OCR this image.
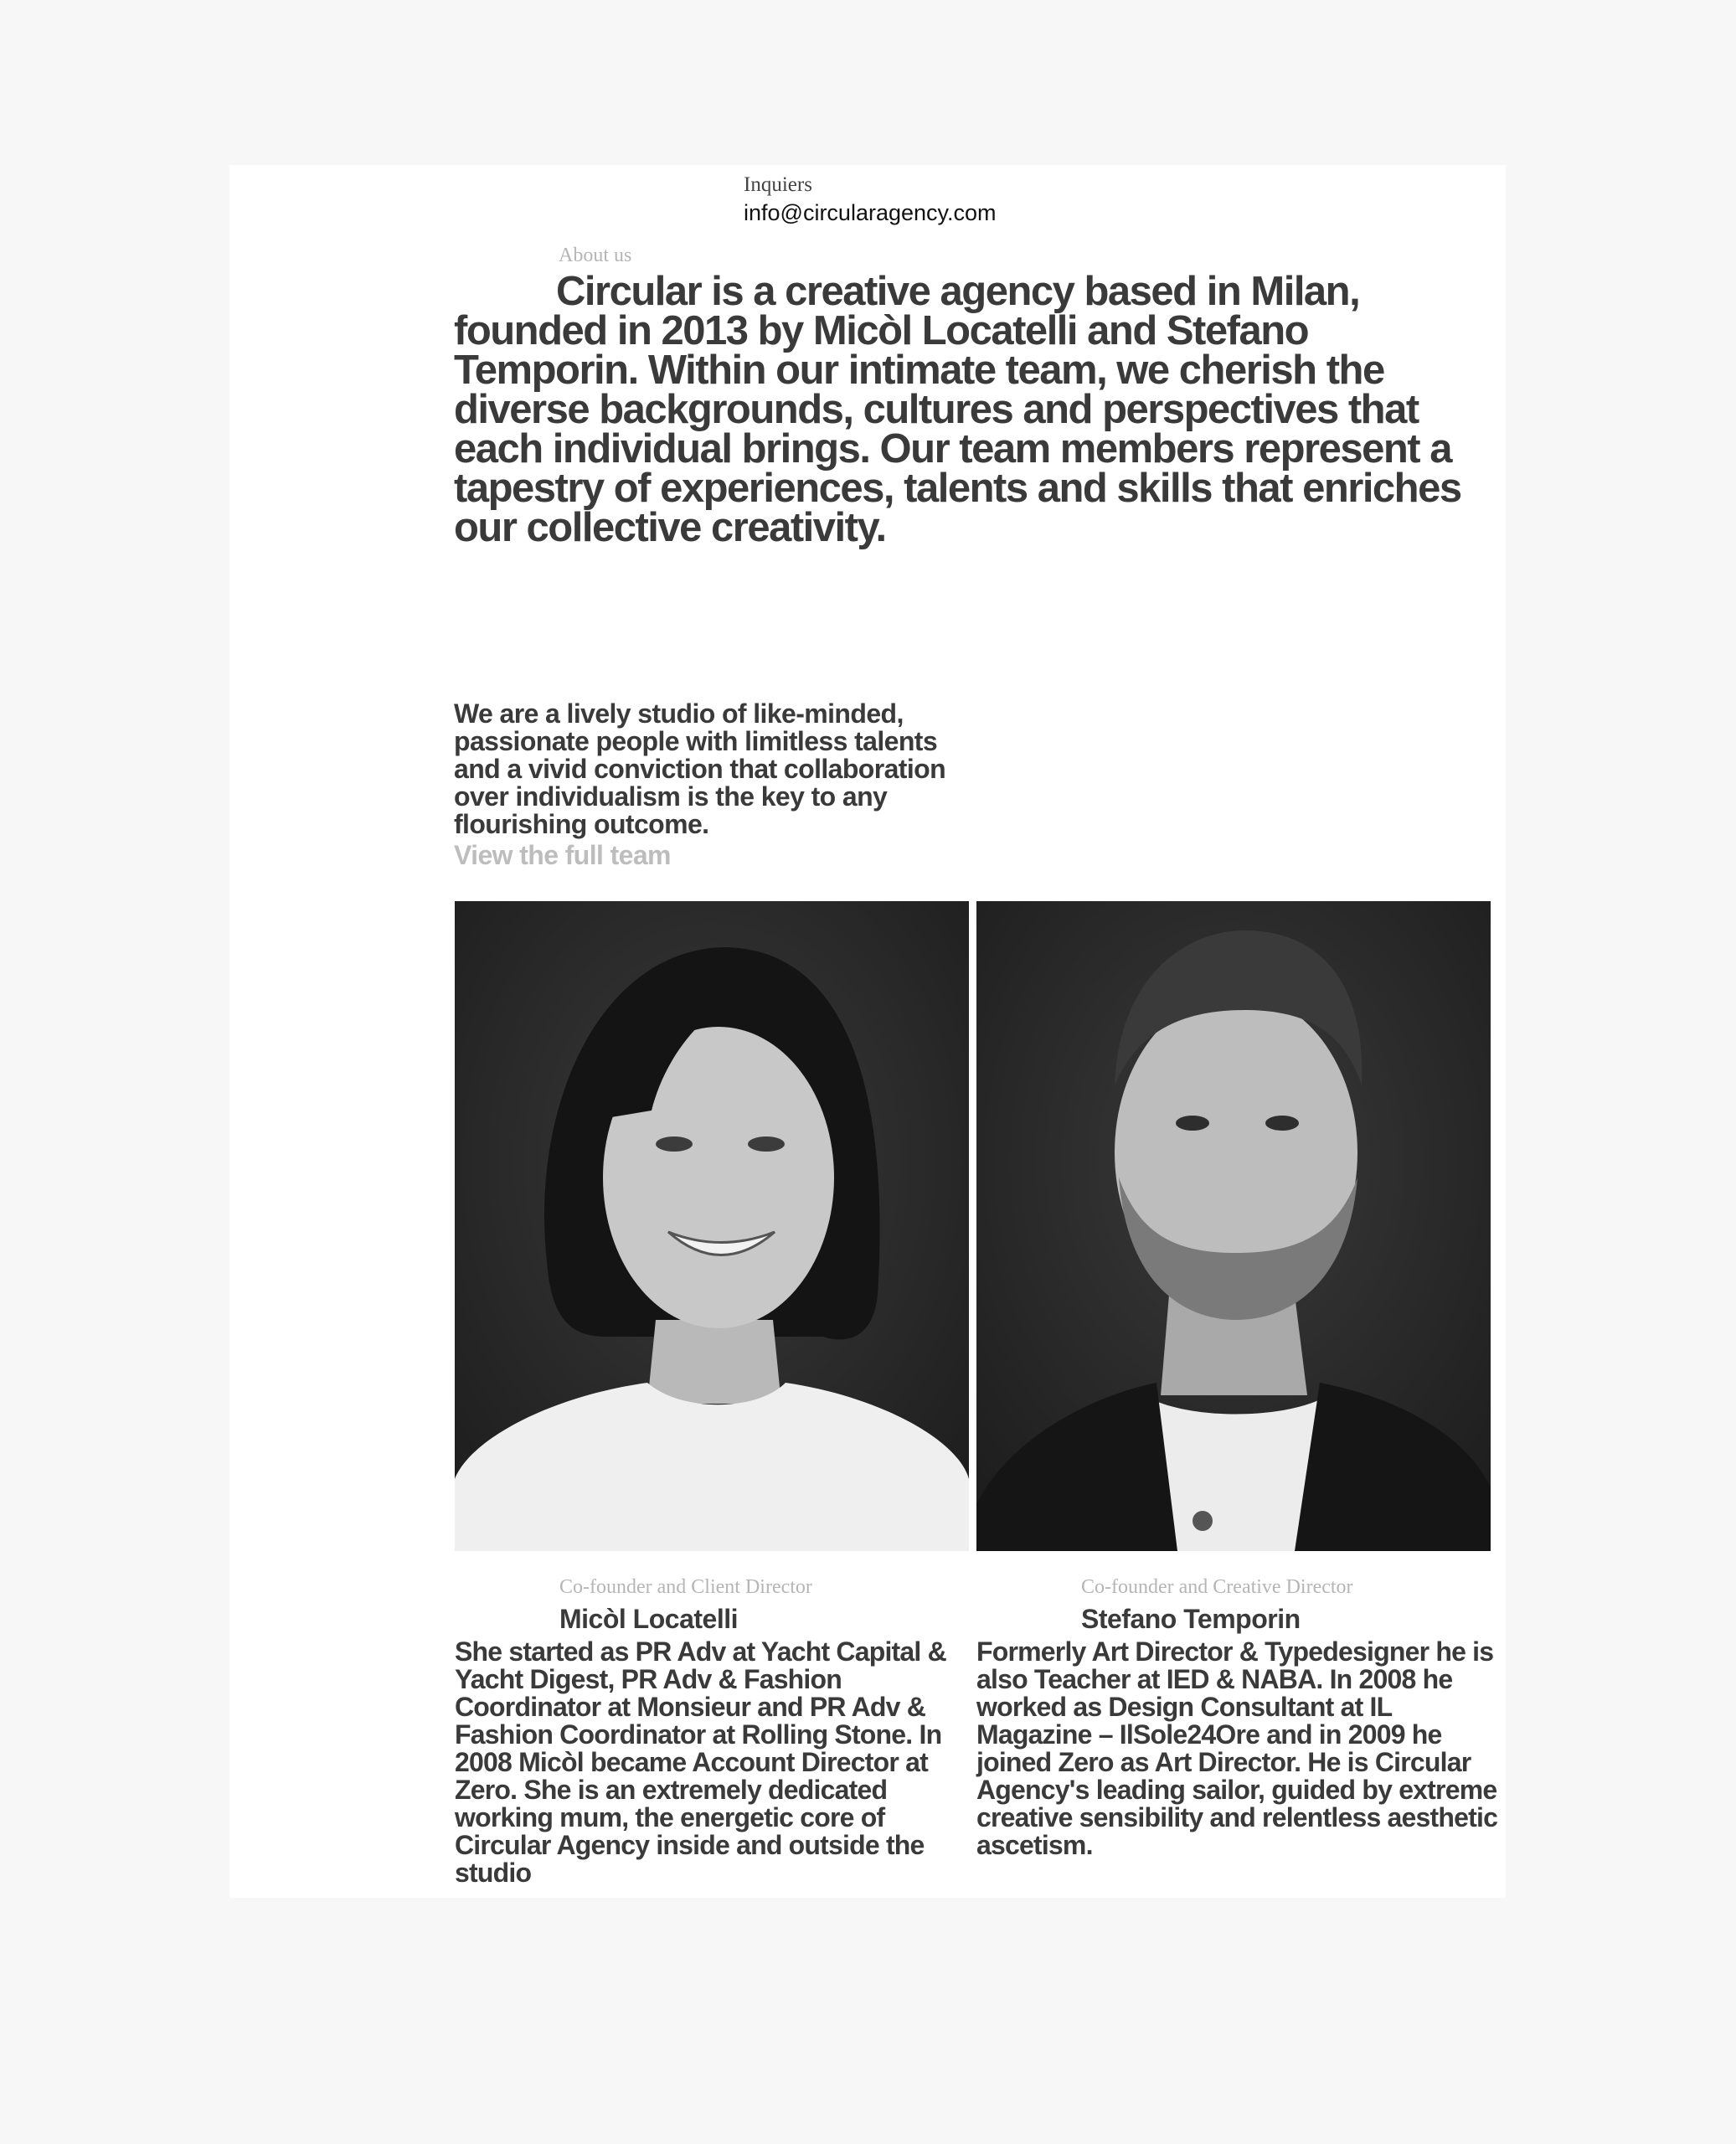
Inquiers
info@circularagency.com
About us

Circular is a creative agency based in Milan, founded in 2013 by Micòl Locatelli and Stefano Temporin. Within our intimate team, we cherish the diverse backgrounds, cultures and perspectives that each individual brings. Our team members represent a tapestry of experiences, talents and skills that enriches our collective creativity.

We are a lively studio of like-minded, passionate people with limitless talents and a vivid conviction that collaboration over individualism is the key to any flourishing outcome.

View the full team
Co-founder and Client Director
Micòl Locatelli

She started as PR Adv at Yacht Capital & Yacht Digest, PR Adv & Fashion Coordinator at Monsieur and PR Adv & Fashion Coordinator at Rolling Stone. In 2008 Micòl became Account Director at Zero. She is an extremely dedicated working mum, the energetic core of Circular Agency inside and outside the studio

Co-founder and Creative Director
Stefano Temporin

Formerly Art Director & Typedesigner he is also Teacher at IED & NABA. In 2008 he worked as Design Consultant at IL Magazine – IlSole24Ore and in 2009 he joined Zero as Art Director. He is Circular Agency's leading sailor, guided by extreme creative sensibility and relentless aesthetic ascetism.
